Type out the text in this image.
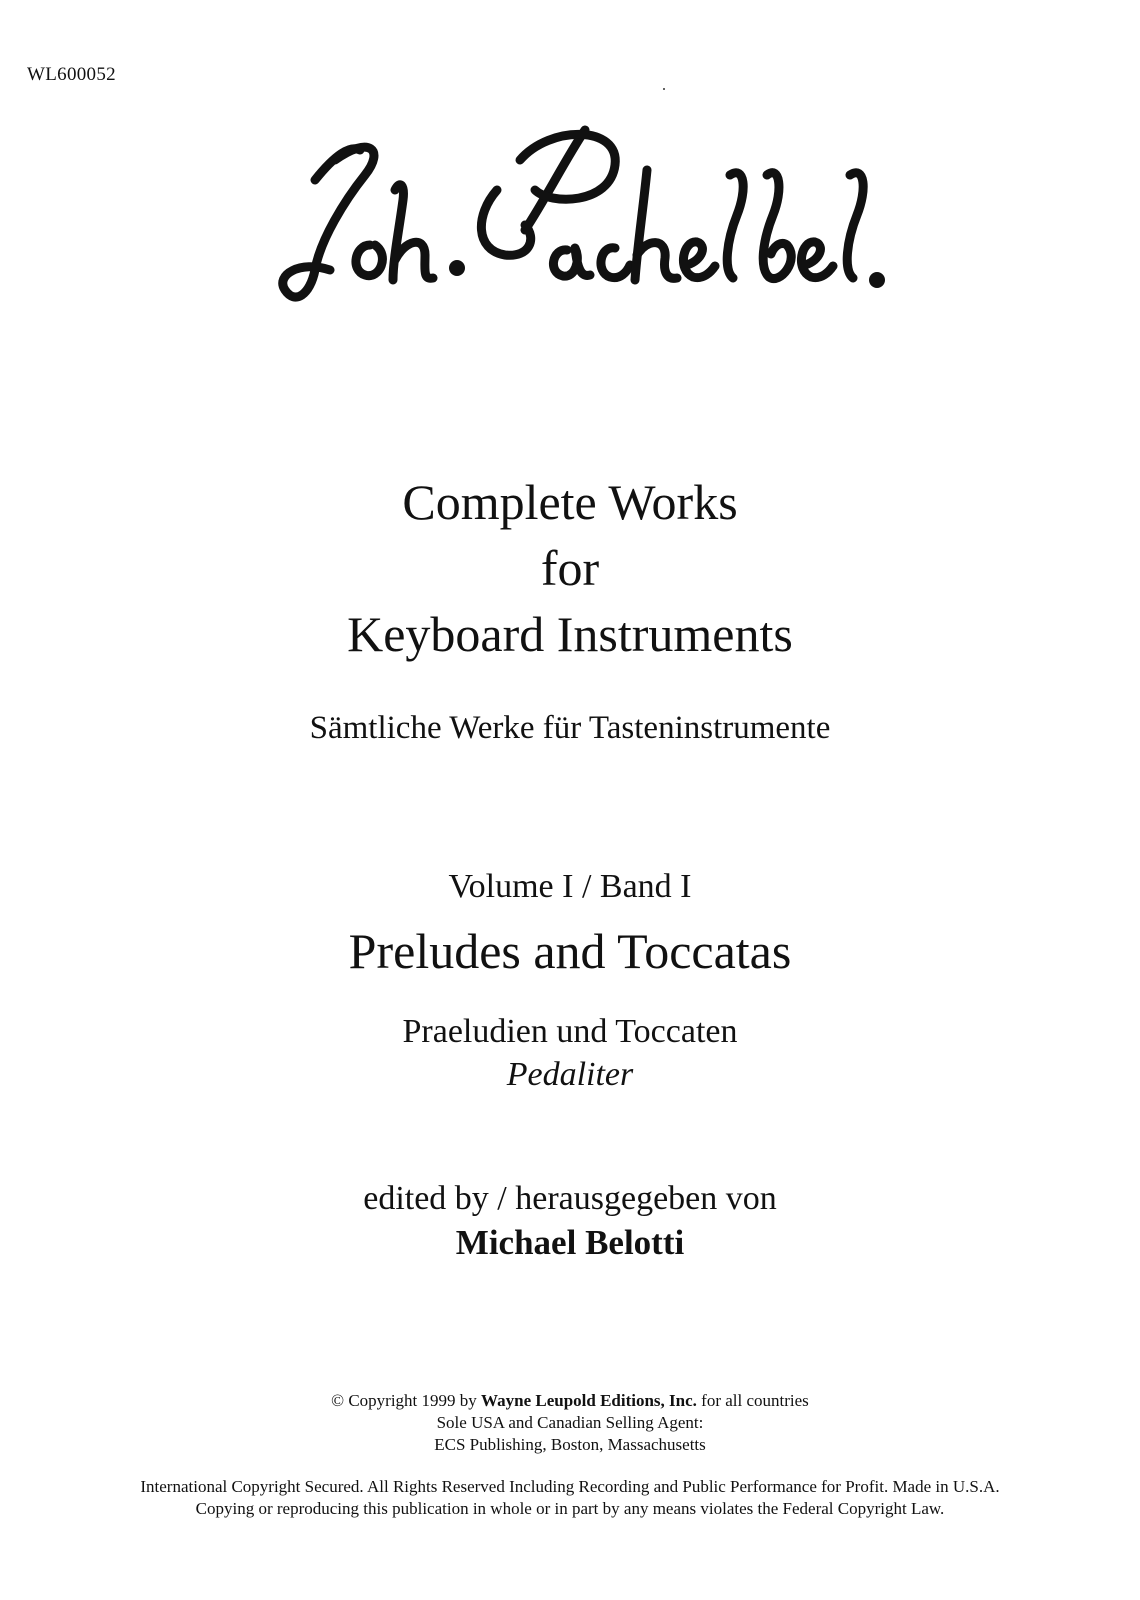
WL600052
Complete Works
for
Keyboard Instruments
Sämtliche Werke für Tasteninstrumente
Volume I / Band I
Preludes and Toccatas
Praeludien und Toccaten
Pedaliter
edited by / herausgegeben von
Michael Belotti
© Copyright 1999 by Wayne Leupold Editions, Inc. for all countries
Sole USA and Canadian Selling Agent:
ECS Publishing, Boston, Massachusetts
International Copyright Secured. All Rights Reserved Including Recording and Public Performance for Profit. Made in U.S.A.
Copying or reproducing this publication in whole or in part by any means violates the Federal Copyright Law.
